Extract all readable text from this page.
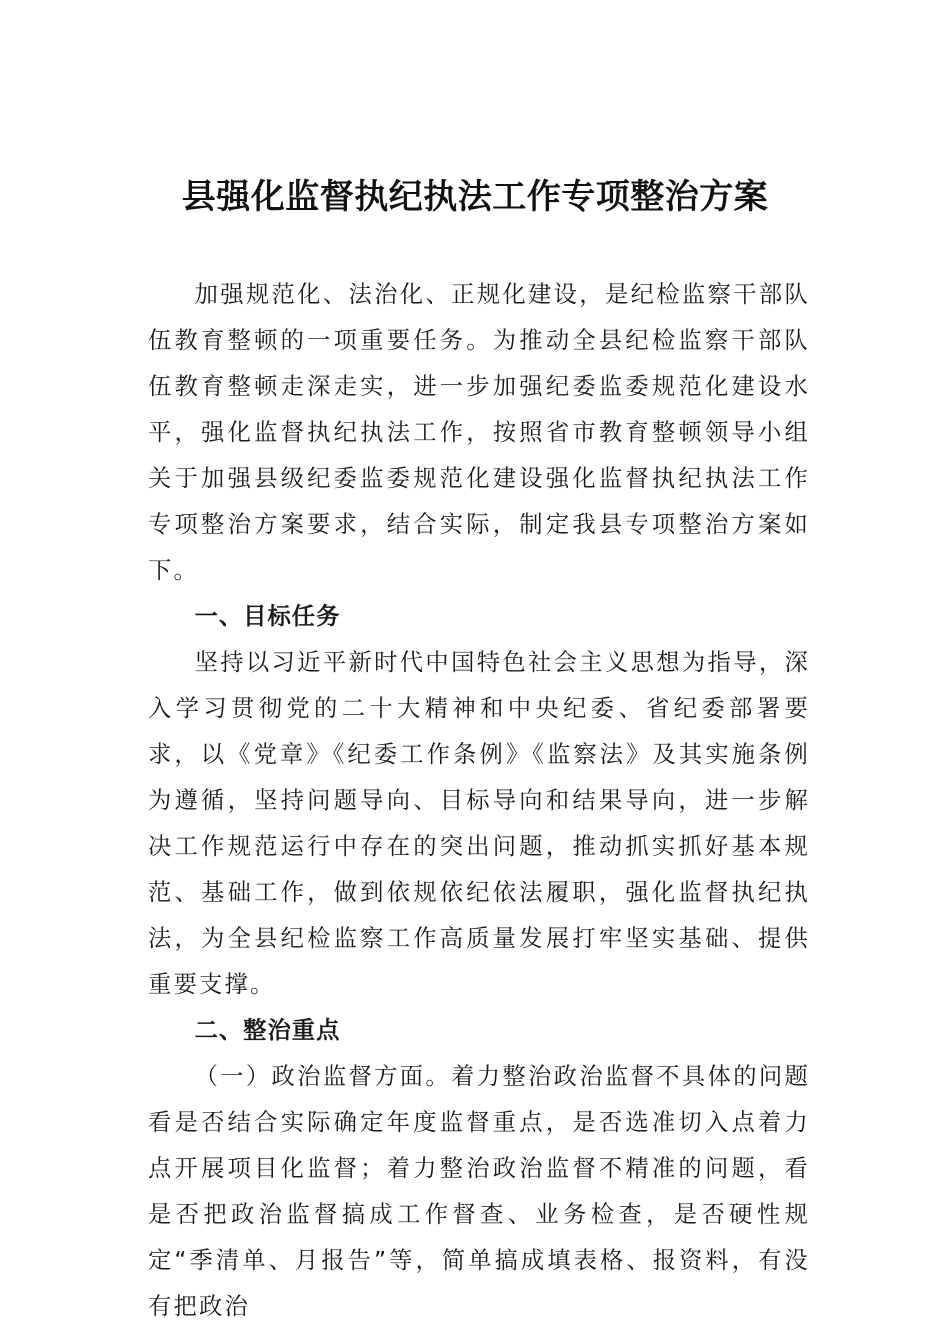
县强化监督执纪执法工作专项整治方案

加强规范化、法治化、正规化建设，是纪检监察干部队伍教育整顿的一项重要任务。为推动全县纪检监察干部队伍教育整顿走深走实，进一步加强纪委监委规范化建设水平，强化监督执纪执法工作，按照省市教育整顿领导小组关于加强县级纪委监委规范化建设强化监督执纪执法工作专项整治方案要求，结合实际，制定我县专项整治方案如下。

一、目标任务

坚持以习近平新时代中国特色社会主义思想为指导，深入学习贯彻党的二十大精神和中央纪委、省纪委部署要求，以《党章》《纪委工作条例》《监察法》及其实施条例为遵循，坚持问题导向、目标导向和结果导向，进一步解决工作规范运行中存在的突出问题，推动抓实抓好基本规范、基础工作，做到依规依纪依法履职，强化监督执纪执法，为全县纪检监察工作高质量发展打牢坚实基础、提供重要支撑。

二、整治重点

（一）政治监督方面。着力整治政治监督不具体的问题看是否结合实际确定年度监督重点，是否选准切入点着力点开展项目化监督；着力整治政治监督不精准的问题，看是否把政治监督搞成工作督查、业务检查，是否硬性规定“季清单、月报告”等，简单搞成填表格、报资料，有没有把政治
